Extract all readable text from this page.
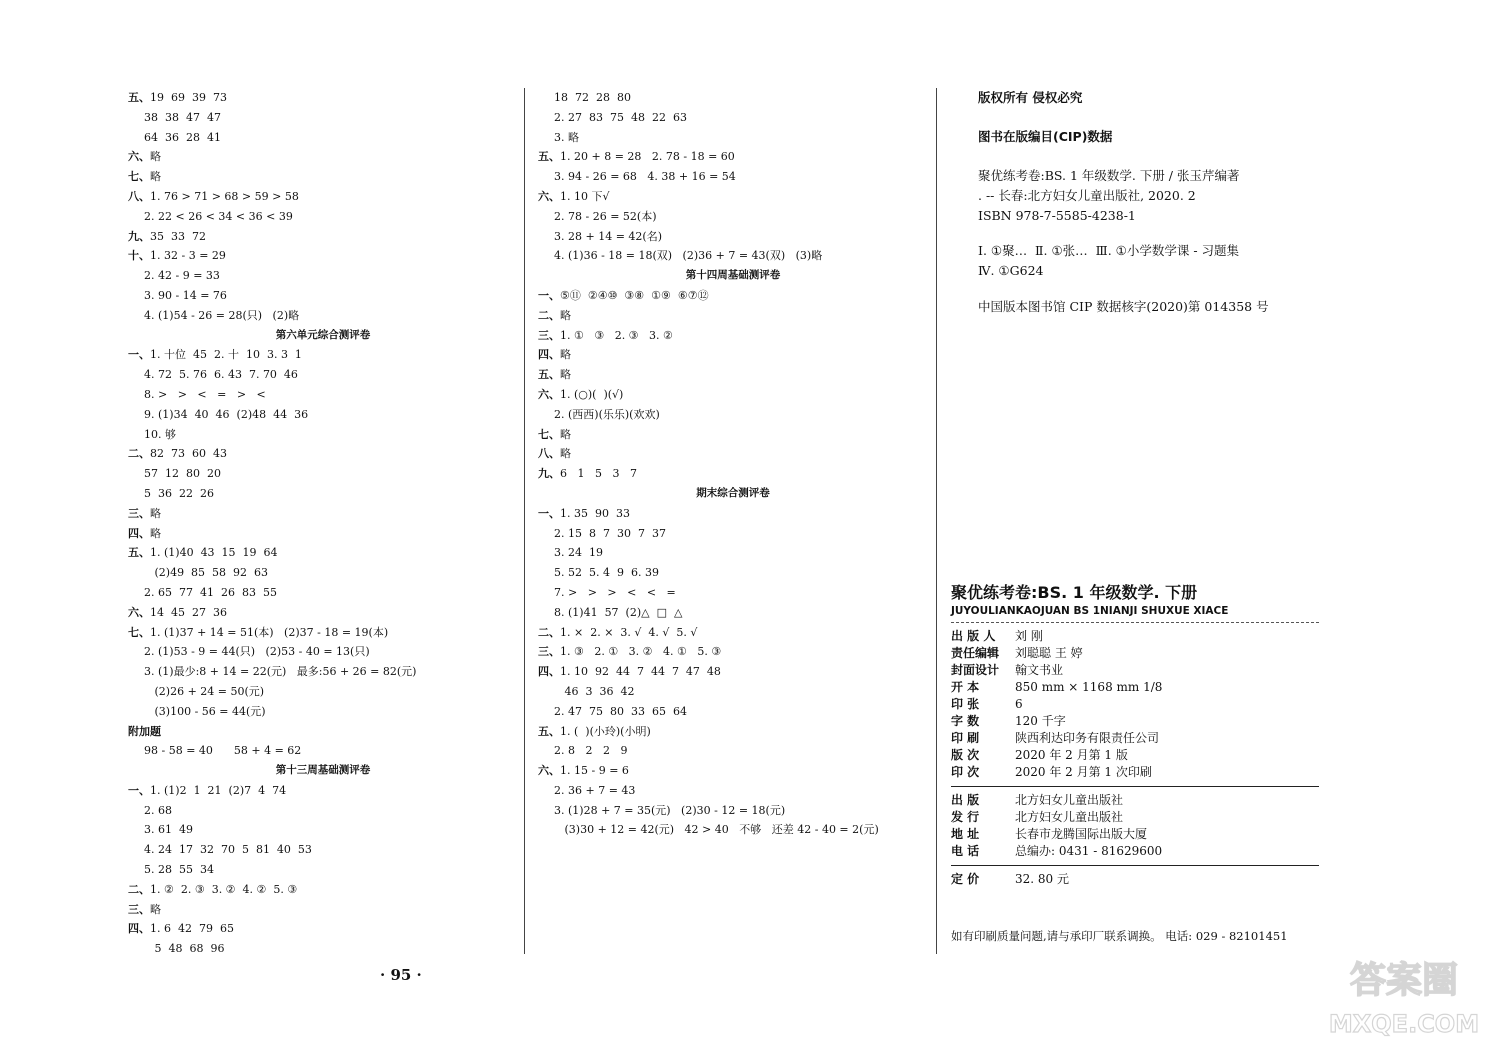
五、19  69  39  73
38  38  47  47
64  36  28  41
六、略
七、略
八、1. 76 > 71 > 68 > 59 > 58
2. 22 < 26 < 34 < 36 < 39
九、35  33  72
十、1. 32 - 3 = 29
2. 42 - 9 = 33
3. 90 - 14 = 76
4. (1)54 - 26 = 28(只)   (2)略
第六单元综合测评卷
一、1. 十位  45  2. 十  10  3. 3  1
4. 72  5. 76  6. 43  7. 70  46
8. >   >   <   =   >   <
9. (1)34  40  46  (2)48  44  36
10. 够
二、82  73  60  43
57  12  80  20
5  36  22  26
三、略
四、略
五、1. (1)40  43  15  19  64
(2)49  85  58  92  63
2. 65  77  41  26  83  55
六、14  45  27  36
七、1. (1)37 + 14 = 51(本)   (2)37 - 18 = 19(本)
2. (1)53 - 9 = 44(只)   (2)53 - 40 = 13(只)
3. (1)最少:8 + 14 = 22(元)   最多:56 + 26 = 82(元)
(2)26 + 24 = 50(元)
(3)100 - 56 = 44(元)
附加题
98 - 58 = 40      58 + 4 = 62
第十三周基础测评卷
一、1. (1)2  1  21  (2)7  4  74
2. 68
3. 61  49
4. 24  17  32  70  5  81  40  53
5. 28  55  34
二、1. ②  2. ③  3. ②  4. ②  5. ③
三、略
四、1. 6  42  79  65
5  48  68  96
18  72  28  80
2. 27  83  75  48  22  63
3. 略
五、1. 20 + 8 = 28   2. 78 - 18 = 60
3. 94 - 26 = 68   4. 38 + 16 = 54
六、1. 10 下√
2. 78 - 26 = 52(本)
3. 28 + 14 = 42(名)
4. (1)36 - 18 = 18(双)   (2)36 + 7 = 43(双)   (3)略
第十四周基础测评卷
一、⑤⑪  ②④⑩  ③⑧  ①⑨  ⑥⑦⑫
二、略
三、1. ①   ③   2. ③   3. ②
四、略
五、略
六、1. (○)(  )(√)
2. (西西)(乐乐)(欢欢)
七、略
八、略
九、6   1   5   3   7
期末综合测评卷
一、1. 35  90  33
2. 15  8  7  30  7  37
3. 24  19
5. 52  5. 4  9  6. 39
7. >   >   >   <   <   =
8. (1)41  57  (2)△  □  △
二、1. ×  2. ×  3. √  4. √  5. √
三、1. ③   2. ①   3. ②   4. ①   5. ③
四、1. 10  92  44  7  44  7  47  48
46  3  36  42
2. 47  75  80  33  65  64
五、1. (  )(小玲)(小明)
2. 8   2   2   9
六、1. 15 - 9 = 6
2. 36 + 7 = 43
3. (1)28 + 7 = 35(元)   (2)30 - 12 = 18(元)
(3)30 + 12 = 42(元)   42 > 40   不够   还差 42 - 40 = 2(元)
· 95 ·
版权所有 侵权必究
图书在版编目(CIP)数据
聚优练考卷:BS. 1 年级数学. 下册 / 张玉芹编著
. -- 长春:北方妇女儿童出版社, 2020. 2
ISBN 978-7-5585-4238-1
Ⅰ. ①聚…  Ⅱ. ①张…  Ⅲ. ①小学数学课 - 习题集
Ⅳ. ①G624
中国版本图书馆 CIP 数据核字(2020)第 014358 号
聚优练考卷:BS. 1 年级数学. 下册
JUYOULIANKAOJUAN BS 1NIANJI SHUXUE XIACE
出 版 人	刘 刚
责任编辑	刘聪聪 王 婷
封面设计	翰文书业
开 本	850 mm × 1168 mm 1/8
印 张	6
字 数	120 千字
印 刷	陕西利达印务有限责任公司
版 次	2020 年 2 月第 1 版
印 次	2020 年 2 月第 1 次印刷
出 版	北方妇女儿童出版社
发 行	北方妇女儿童出版社
地 址	长春市龙腾国际出版大厦
电 话	总编办: 0431 - 81629600
定 价	32. 80 元
如有印刷质量问题,请与承印厂联系调换。 电话: 029 - 82101451
答案圈
MXQE.COM
